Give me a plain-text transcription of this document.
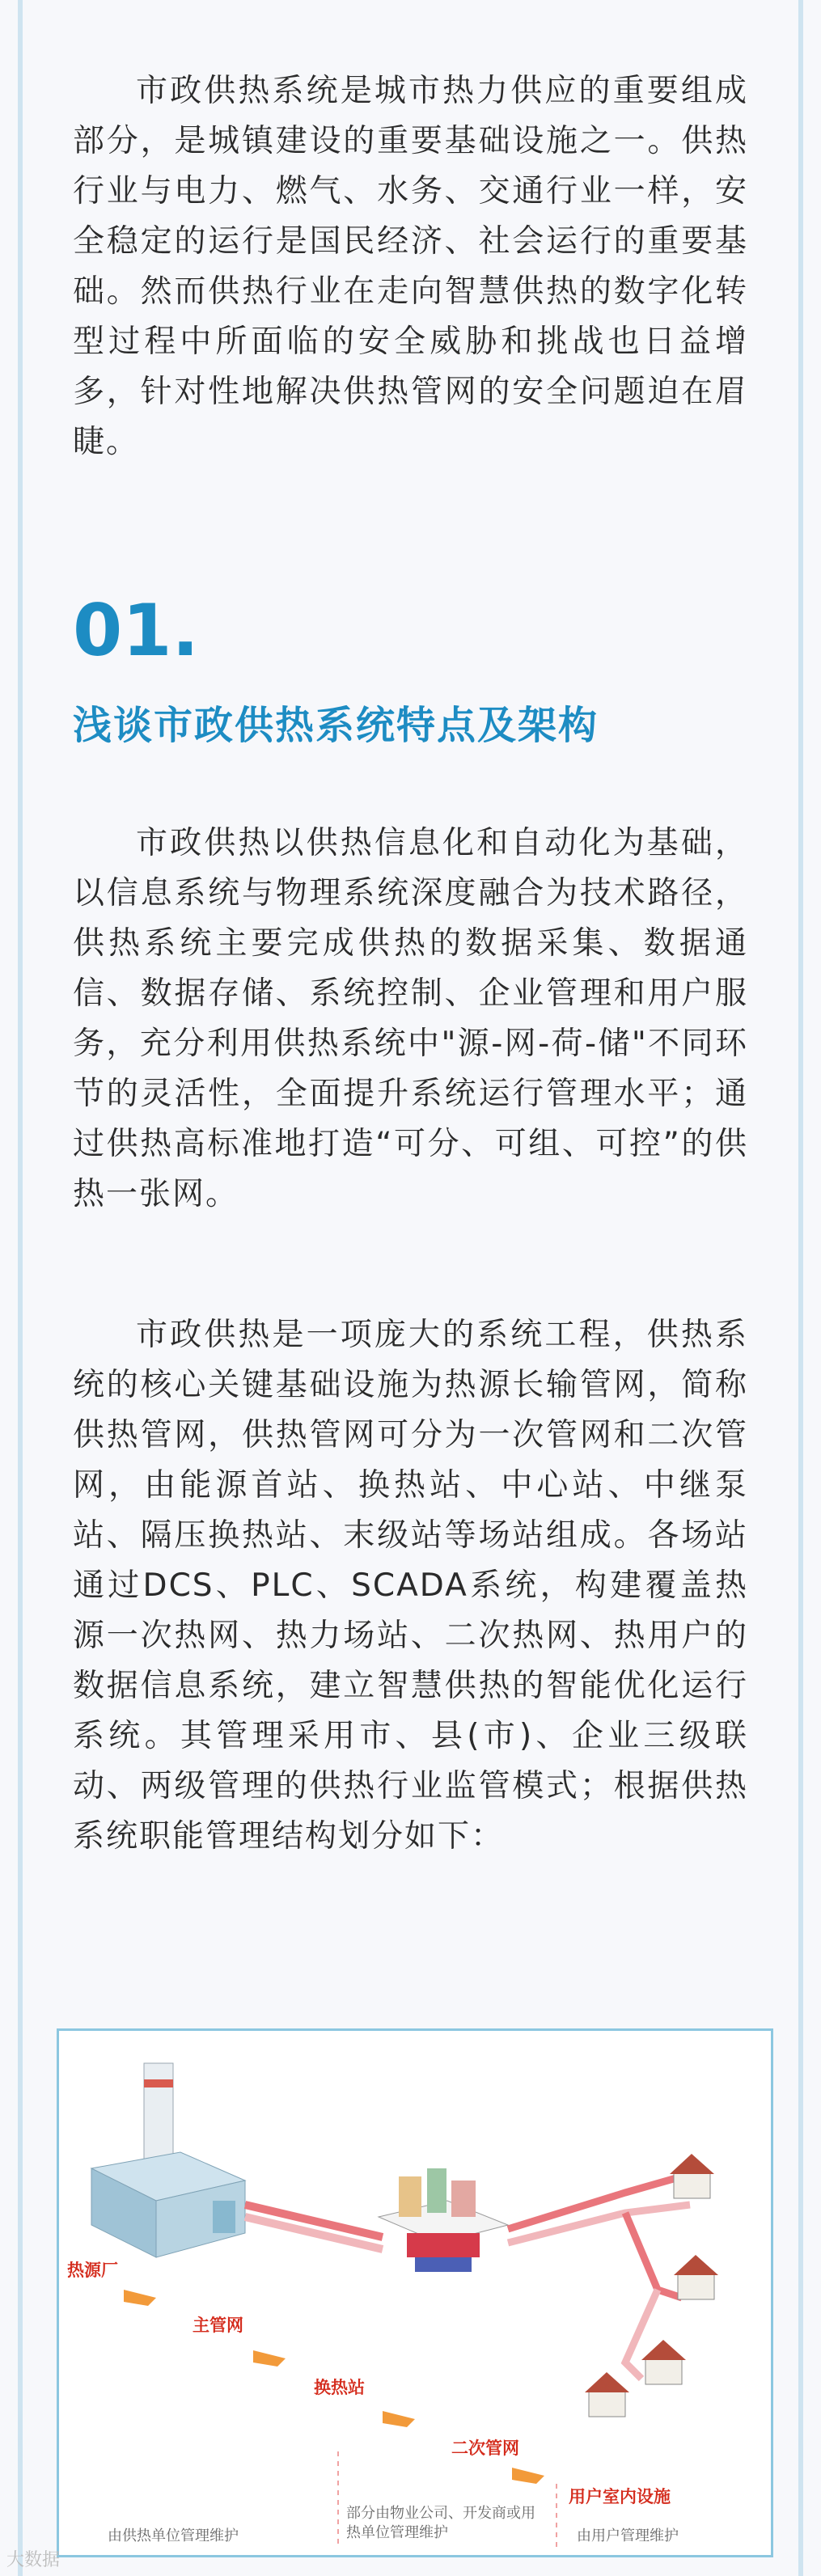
市政供热系统是城市热力供应的重要组成部分，是城镇建设的重要基础设施之一。供热行业与电力、燃气、水务、交通行业一样，安全稳定的运行是国民经济、社会运行的重要基础。然而供热行业在走向智慧供热的数字化转型过程中所面临的安全威胁和挑战也日益增多，针对性地解决供热管网的安全问题迫在眉睫。

01.
浅谈市政供热系统特点及架构

市政供热以供热信息化和自动化为基础，以信息系统与物理系统深度融合为技术路径，供热系统主要完成供热的数据采集、数据通信、数据存储、系统控制、企业管理和用户服务，充分利用供热系统中"源-网-荷-储"不同环节的灵活性，全面提升系统运行管理水平；通过供热高标准地打造“可分、可组、可控”的供热一张网。

市政供热是一项庞大的系统工程，供热系统的核心关键基础设施为热源长输管网，简称供热管网，供热管网可分为一次管网和二次管网，由能源首站、换热站、中心站、中继泵站、隔压换热站、末级站等场站组成。各场站通过DCS、PLC、SCADA系统，构建覆盖热源一次热网、热力场站、二次热网、热用户的数据信息系统，建立智慧供热的智能优化运行系统。其管理采用市、县(市)、企业三级联动、两级管理的供热行业监管模式；根据供热系统职能管理结构划分如下：

热源厂
主管网
换热站
二次管网
用户室内设施
由供热单位管理维护
部分由物业公司、开发商或用热单位管理维护	由用户管理维护
大数据
